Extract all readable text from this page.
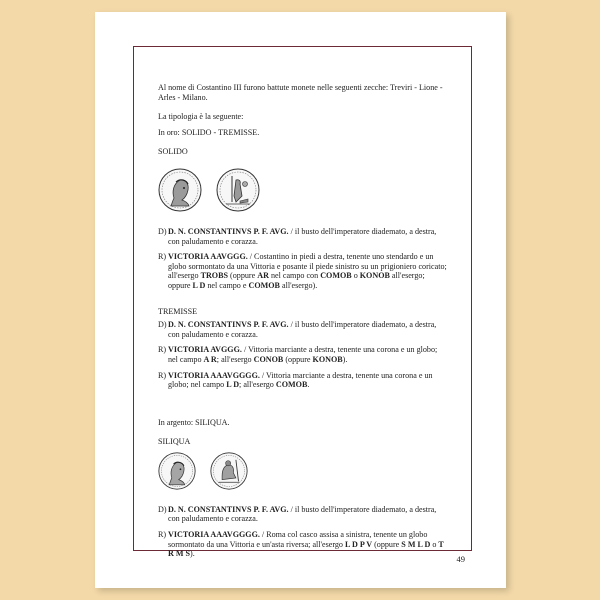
Al nome di Costantino III furono battute monete nelle seguenti zecche: Treviri - Lione - Arles - Milano.

La tipologia è la seguente:

In oro: SOLIDO - TREMISSE.

SOLIDO

D) D. N. CONSTANTINVS P. F. AVG. / il busto dell'imperatore diademato, a destra, con paludamento e corazza.
R) VICTORIA AAVGGG. / Costantino in piedi a destra, tenente uno stendardo e un globo sormontato da una Vittoria e posante il piede sinistro su un prigioniero coricato; all'esergo TROBS (oppure AR nel campo con COMOB o KONOB all'esergo; oppure L D nel campo e COMOB all'esergo).

TREMISSE

D) D. N. CONSTANTINVS P. F. AVG. / il busto dell'imperatore diademato, a destra, con paludamento e corazza.
R) VICTORIA AVGGG. / Vittoria marciante a destra, tenente una corona e un globo; nel campo A R; all'esergo CONOB (oppure KONOB).
R) VICTORIA AAAVGGGG. / Vittoria marciante a destra, tenente una corona e un globo; nel campo L D; all'esergo COMOB.

In argento: SILIQUA.

SILIQUA

D) D. N. CONSTANTINVS P. F. AVG. / il busto dell'imperatore diademato, a destra, con paludamento e corazza.
R) VICTORIA AAAVGGGG. / Roma col casco assisa a sinistra, tenente un globo sormontato da una Vittoria e un'asta riversa; all'esergo L D P V (oppure S M L D o T R M S).
49
